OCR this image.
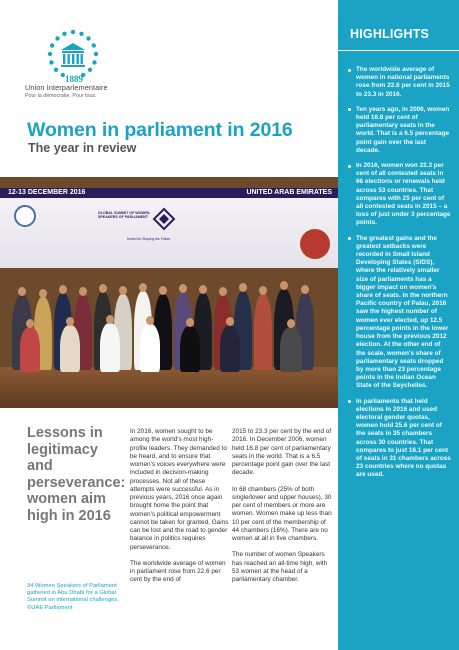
1889
Union Interparlementaire
Pour la démocratie. Pour tous.
Women in parliament in 2016
The year in review
12-13 DECEMBER 2016	UNITED ARAB EMIRATES
GLOBAL SUMMIT OF WOMEN SPEAKERS OF PARLIAMENT
United for Shaping the Future
Lessons in legitimacy and perseverance: women aim high in 2016
34 Women Speakers of Parliament gathered in Abu Dhabi for a Global Summit on international challenges. ©UAE Parliament

In 2016, women sought to be among the world's most high-profile leaders. They demanded to be heard, and to ensure that women's voices everywhere were included in decision-making processes. Not all of these attempts were successful. As in previous years, 2016 once again brought home the point that women's political empowerment cannot be taken for granted. Gains can be lost and the road to gender balance in politics requires perseverance.

The worldwide average of women in parliament rose from 22.6 per cent by the end of

2015 to 23.3 per cent by the end of 2016. In December 2006, women held 16.8 per cent of parliamentary seats in the world. That is a 6.5 percentage point gain over the last decade.

In 68 chambers (25% of both single/lower and upper houses), 30 per cent of members or more are women. Women make up less than 10 per cent of the membership of 44 chambers (16%). There are no women at all in five chambers.

The number of women Speakers has reached an all-time high, with 53 women at the head of a parliamentary chamber.

HIGHLIGHTS
The worldwide average of women in national parliaments rose from 22.6 per cent in 2015 to 23.3 in 2016.
Ten years ago, in 2006, women held 16.8 per cent of parliamentary seats in the world. That is a 6.5 percentage point gain over the last decade.
In 2016, women won 22.3 per cent of all contested seats in 66 elections or renewals held across 53 countries. That compares with 25 per cent of all contested seats in 2015 – a loss of just under 3 percentage points.
The greatest gains and the greatest setbacks were recorded in Small Island Developing States (SIDS), where the relatively smaller size of parliaments has a bigger impact on women's share of seats. In the northern Pacific country of Palau, 2016 saw the highest number of women ever elected, up 12.5 percentage points in the lower house from the previous 2012 election. At the other end of the scale, women's share of parliamentary seats dropped by more than 23 percentage points in the Indian Ocean State of the Seychelles.
In parliaments that held elections in 2016 and used electoral gender quotas, women hold 25.6 per cent of the seats in 35 chambers across 30 countries. That compares to just 16.1 per cent of seats in 31 chambers across 23 countries where no quotas are used.
